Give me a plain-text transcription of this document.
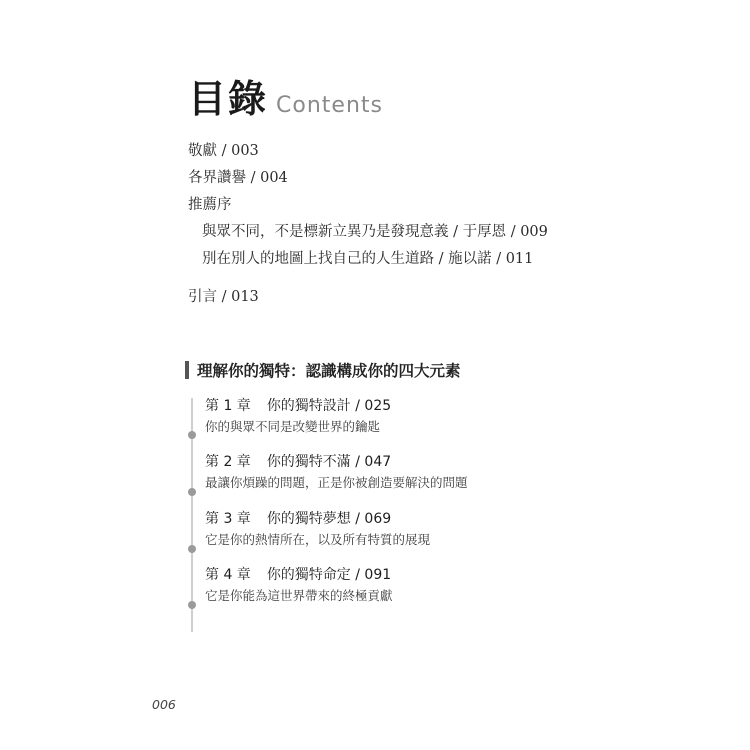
目錄 Contents
敬獻 / 003
各界讚譽 / 004
推薦序
與眾不同，不是標新立異乃是發現意義 / 于厚恩 / 009
別在別人的地圖上找自己的人生道路 / 施以諾 / 011
引言 / 013
理解你的獨特：認識構成你的四大元素
第 1 章 你的獨特設計 / 025
你的與眾不同是改變世界的鑰匙
第 2 章 你的獨特不滿 / 047
最讓你煩躁的問題，正是你被創造要解決的問題
第 3 章 你的獨特夢想 / 069
它是你的熱情所在，以及所有特質的展現
第 4 章 你的獨特命定 / 091
它是你能為這世界帶來的終極貢獻
006
